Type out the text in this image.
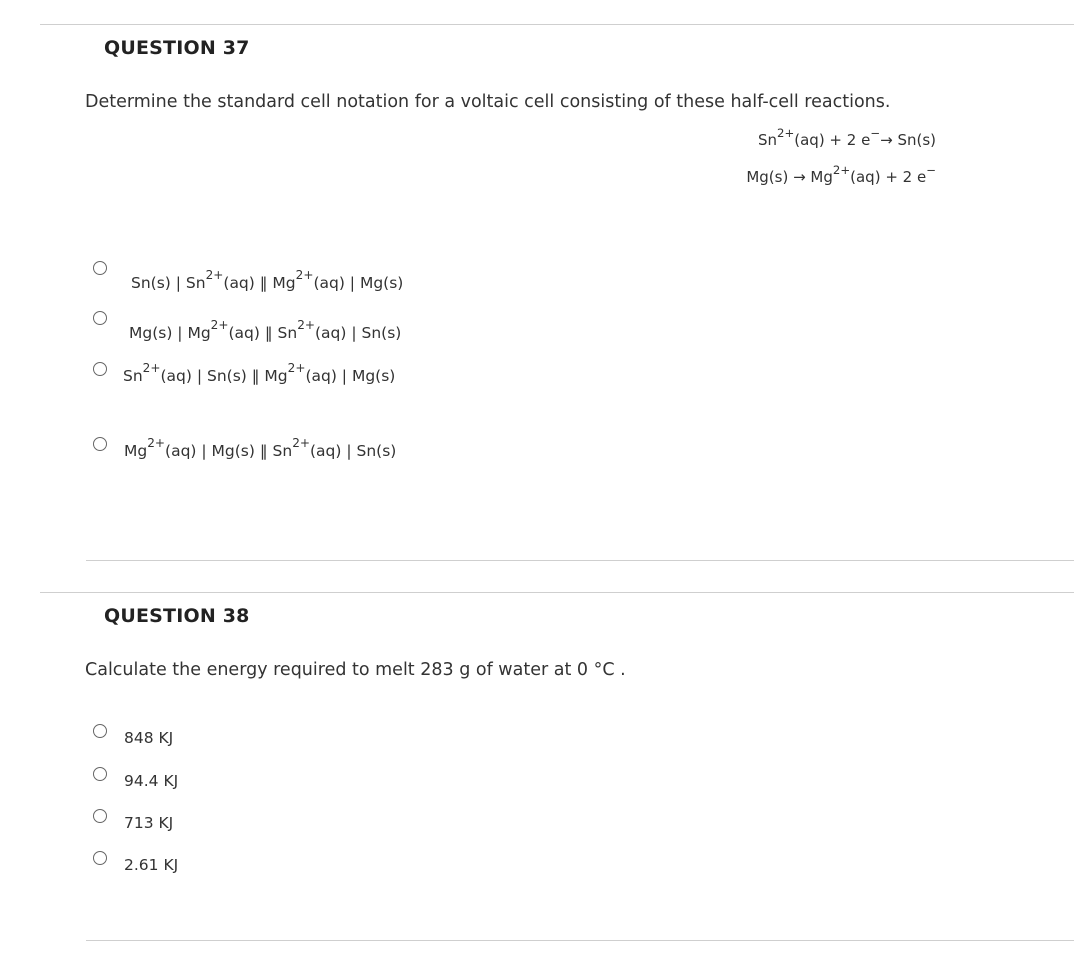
QUESTION 37
Determine the standard cell notation for a voltaic cell consisting of these half-cell reactions.
$Sn^{2+}(aq) + 2$ e−→ Sn(s)
$Mg(s) \to Mg^{2+}(aq) + 2$ e−
Sn(s) | $Sn^{2+}(aq)$ ‖ $Mg^{2+}(aq)$ | Mg(s)
Mg(s) | $Mg^{2+}(aq)$ ‖ $Sn^{2+}(aq)$ | Sn(s)
$Sn^{2+}(aq)$ | Sn(s) ‖ $Mg^{2+}(aq)$ | Mg(s)
$Mg^{2+}(aq)$ | Mg(s) ‖ $Sn^{2+}(aq)$ | Sn(s)
QUESTION 38
Calculate the energy required to melt 283 g of water at 0 °C .
848 KJ
94.4 KJ
713 KJ
2.61 KJ
